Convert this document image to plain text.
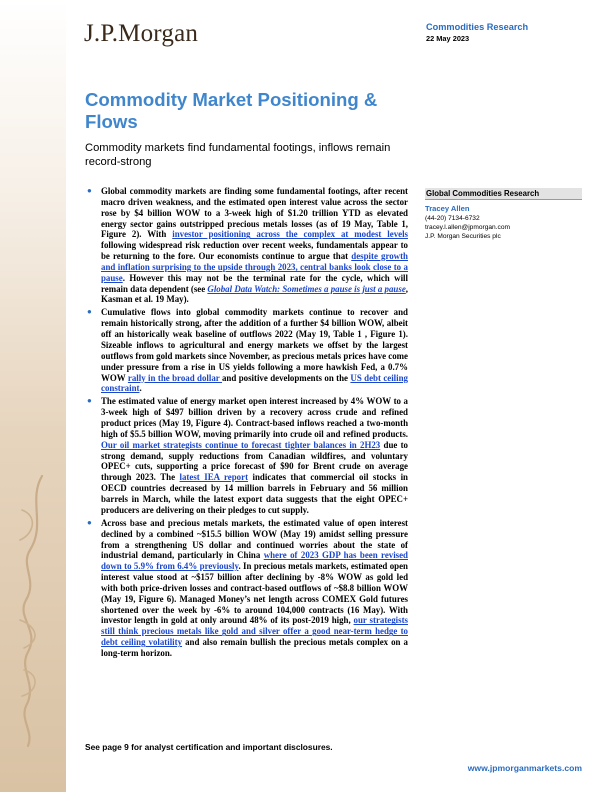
J.P.Morgan	Commodities Research
22 May 2023
Commodity Market Positioning & Flows
Commodity markets find fundamental footings, inflows remain record-strong
● Global commodity markets are finding some fundamental footings, after recent macro driven weakness, and the estimated open interest value across the sector rose by $4 billion WOW to a 3-week high of $1.20 trillion YTD as elevated energy sector gains outstripped precious metals losses (as of 19 May, Table 1, Figure 2). With investor positioning across the complex at modest levels following widespread risk reduction over recent weeks, fundamentals appear to be returning to the fore. Our economists continue to argue that despite growth and inflation surprising to the upside through 2023, central banks look close to a pause. However this may not be the terminal rate for the cycle, which will remain data dependent (see Global Data Watch: Sometimes a pause is just a pause, Kasman et al. 19 May).
● Cumulative flows into global commodity markets continue to recover and remain historically strong, after the addition of a further $4 billion WOW, albeit off an historically weak baseline of outflows 2022 (May 19, Table 1 , Figure 1). Sizeable inflows to agricultural and energy markets we offset by the largest outflows from gold markets since November, as precious metals prices have come under pressure from a rise in US yields following a more hawkish Fed, a 0.7% WOW rally in the broad dollar and positive developments on the US debt ceiling constraint.
● The estimated value of energy market open interest increased by 4% WOW to a 3-week high of $497 billion driven by a recovery across crude and refined product prices (May 19, Figure 4). Contract-based inflows reached a two-month high of $5.5 billion WOW, moving primarily into crude oil and refined products. Our oil market strategists continue to forecast tighter balances in 2H23 due to strong demand, supply reductions from Canadian wildfires, and voluntary OPEC+ cuts, supporting a price forecast of $90 for Brent crude on average through 2023. The latest IEA report indicates that commercial oil stocks in OECD countries decreased by 14 million barrels in February and 56 million barrels in March, while the latest export data suggests that the eight OPEC+ producers are delivering on their pledges to cut supply.
● Across base and precious metals markets, the estimated value of open interest declined by a combined ~$15.5 billion WOW (May 19) amidst selling pressure from a strengthening US dollar and continued worries about the state of industrial demand, particularly in China where of 2023 GDP has been revised down to 5.9% from 6.4% previously. In precious metals markets, estimated open interest value stood at ~$157 billion after declining by -8% WOW as gold led with both price-driven losses and contract-based outflows of ~$8.8 billion WOW (May 19, Figure 6). Managed Money’s net length across COMEX Gold futures shortened over the week by -6% to around 104,000 contracts (16 May). With investor length in gold at only around 48% of its post-2019 high, our strategists still think precious metals like gold and silver offer a good near-term hedge to debt ceiling volatility and also remain bullish the precious metals complex on a long-term horizon.
Global Commodities Research
Tracey Allen
(44-20) 7134-6732
tracey.l.allen@jpmorgan.com
J.P. Morgan Securities plc
See page 9 for analyst certification and important disclosures.
www.jpmorganmarkets.com
